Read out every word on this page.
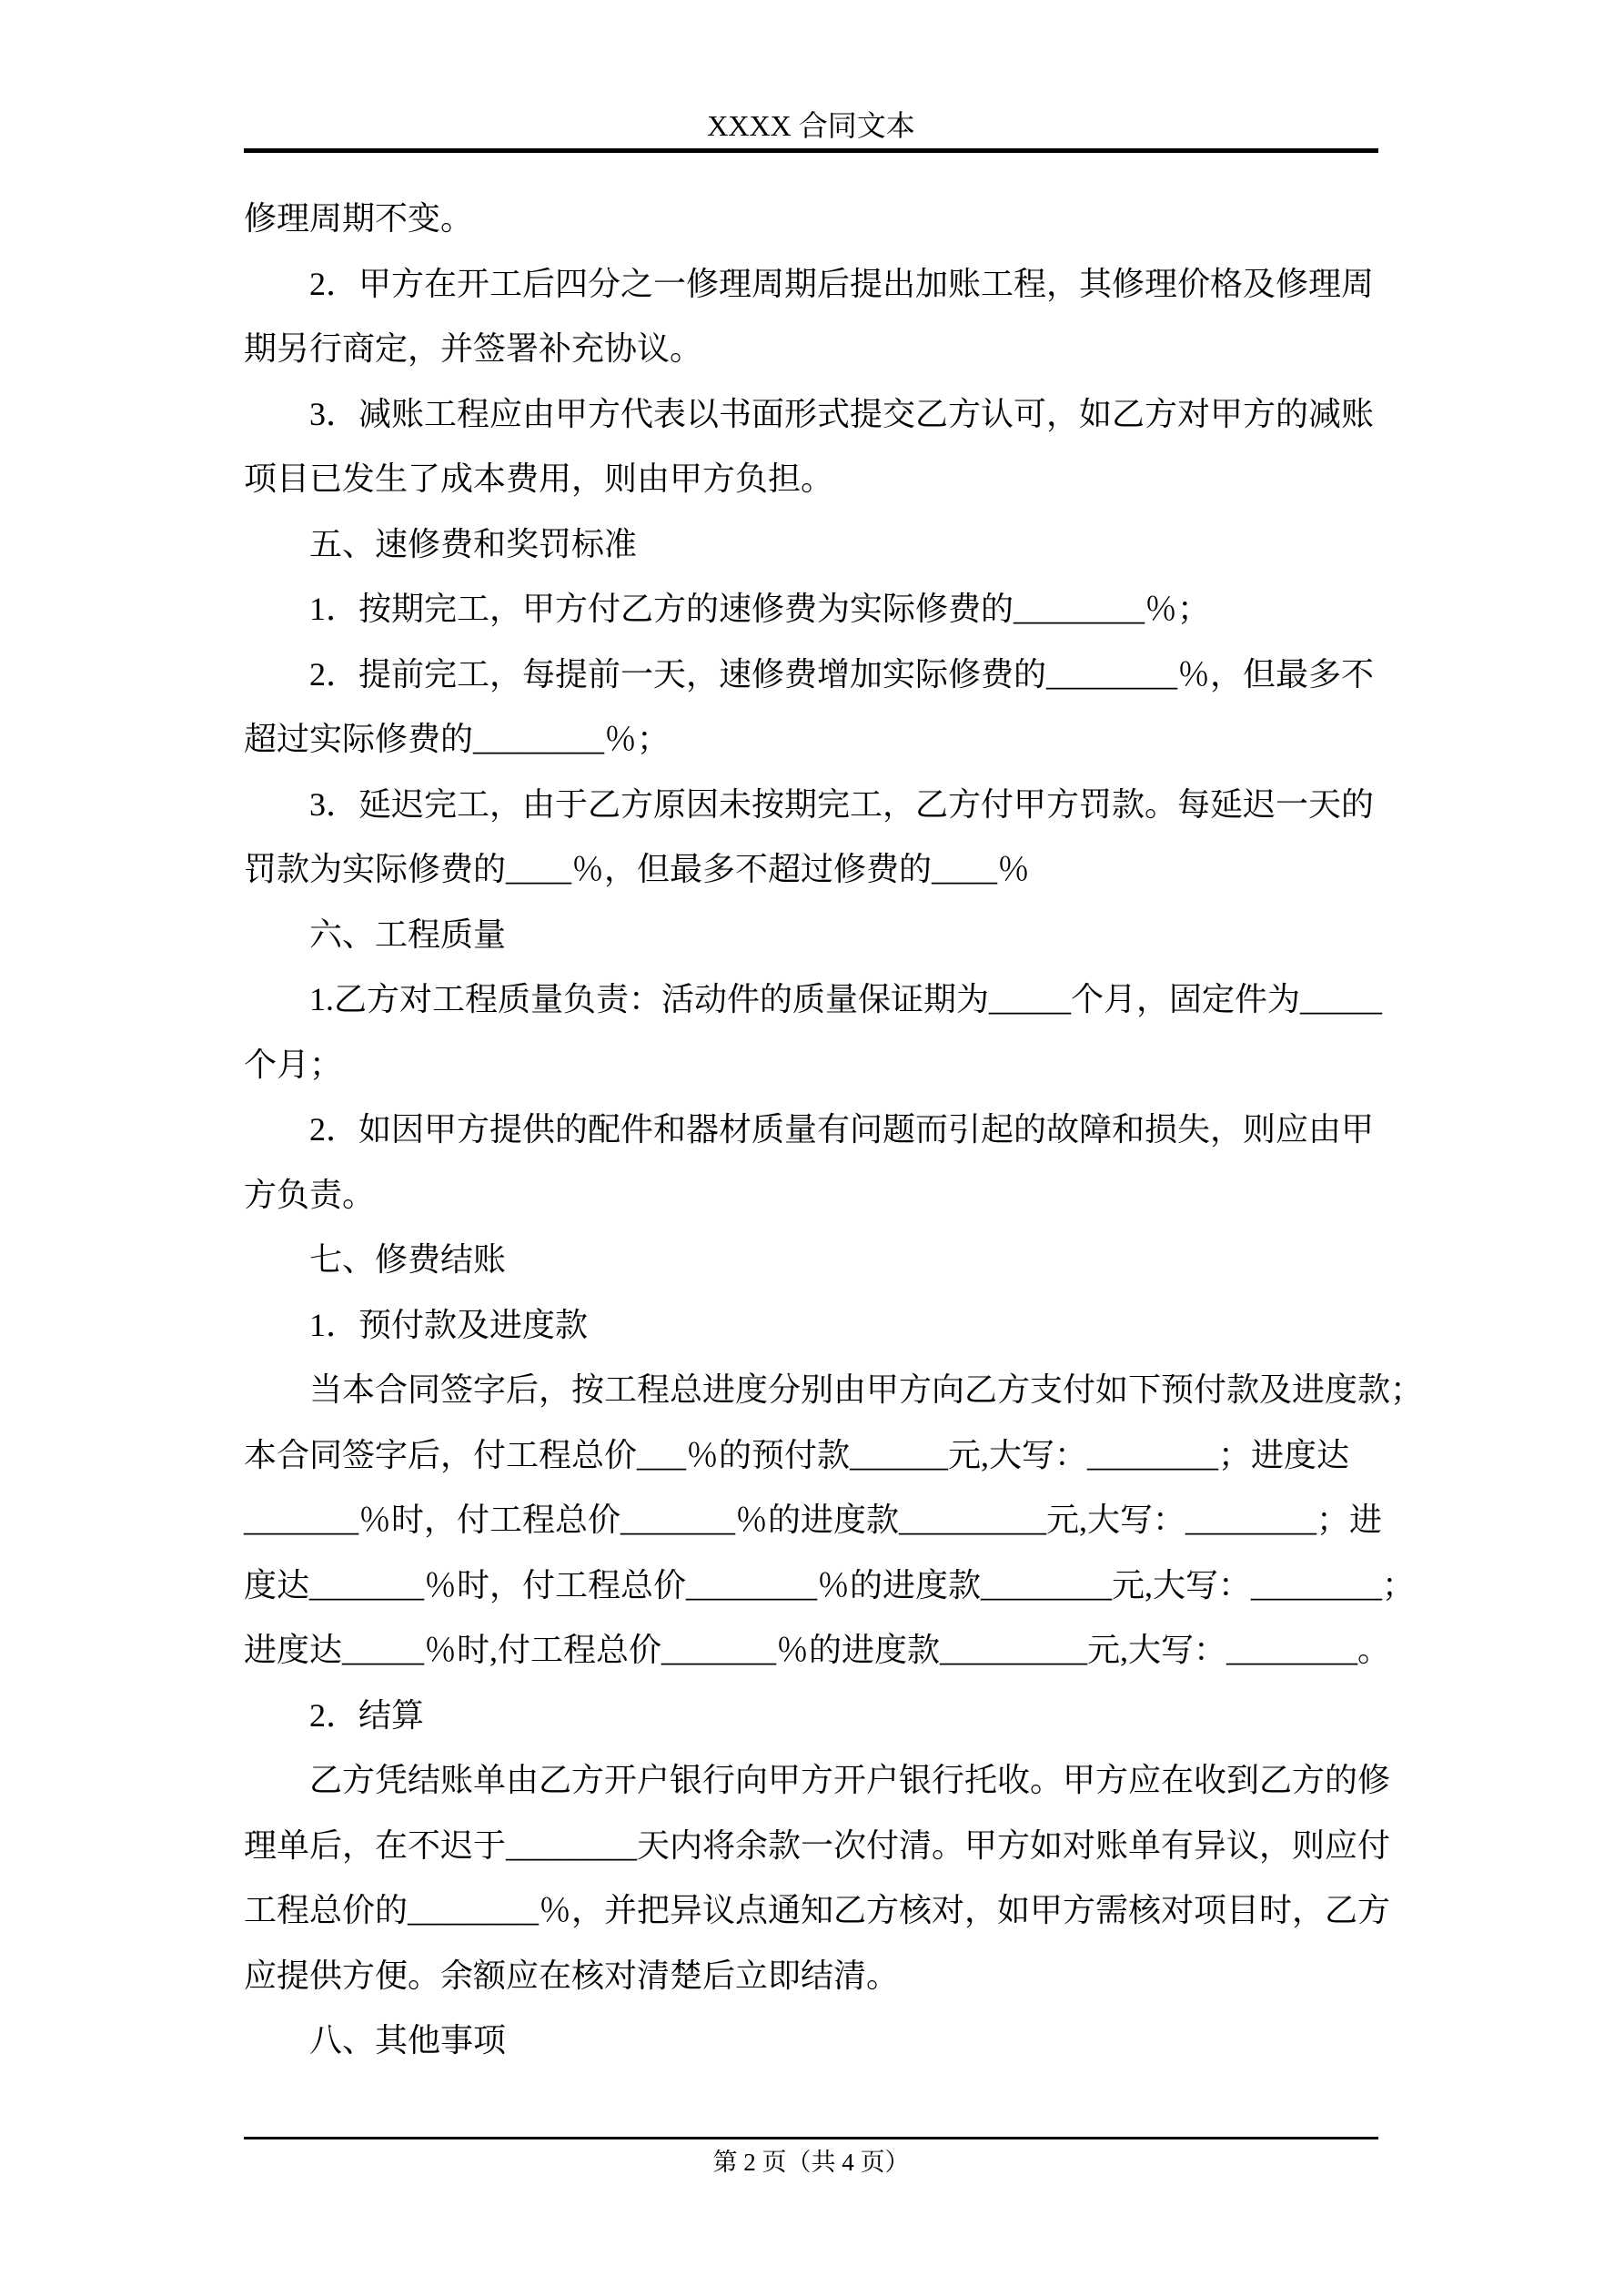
XXXX 合同文本
修理周期不变。
2．甲方在开工后四分之一修理周期后提出加账工程，其修理价格及修理周
期另行商定，并签署补充协议。
3．减账工程应由甲方代表以书面形式提交乙方认可，如乙方对甲方的减账
项目已发生了成本费用，则由甲方负担。
五、速修费和奖罚标准
1．按期完工，甲方付乙方的速修费为实际修费的________％；
2．提前完工，每提前一天，速修费增加实际修费的________％，但最多不
超过实际修费的________％；
3．延迟完工，由于乙方原因未按期完工，乙方付甲方罚款。每延迟一天的
罚款为实际修费的____％，但最多不超过修费的____％
六、工程质量
1.乙方对工程质量负责：活动件的质量保证期为_____个月，固定件为_____
个月；
2．如因甲方提供的配件和器材质量有问题而引起的故障和损失，则应由甲
方负责。
七、修费结账
1．预付款及进度款
当本合同签字后，按工程总进度分别由甲方向乙方支付如下预付款及进度款；
本合同签字后，付工程总价___％的预付款______元,大写：________；进度达
_______％时，付工程总价_______％的进度款_________元,大写：________；进
度达_______％时，付工程总价________％的进度款________元,大写：________；
进度达_____％时,付工程总价_______％的进度款_________元,大写：________。
2．结算
乙方凭结账单由乙方开户银行向甲方开户银行托收。甲方应在收到乙方的修
理单后，在不迟于________天内将余款一次付清。甲方如对账单有异议，则应付
工程总价的________％，并把异议点通知乙方核对，如甲方需核对项目时，乙方
应提供方便。余额应在核对清楚后立即结清。
八、其他事项
第 2 页（共 4 页）
